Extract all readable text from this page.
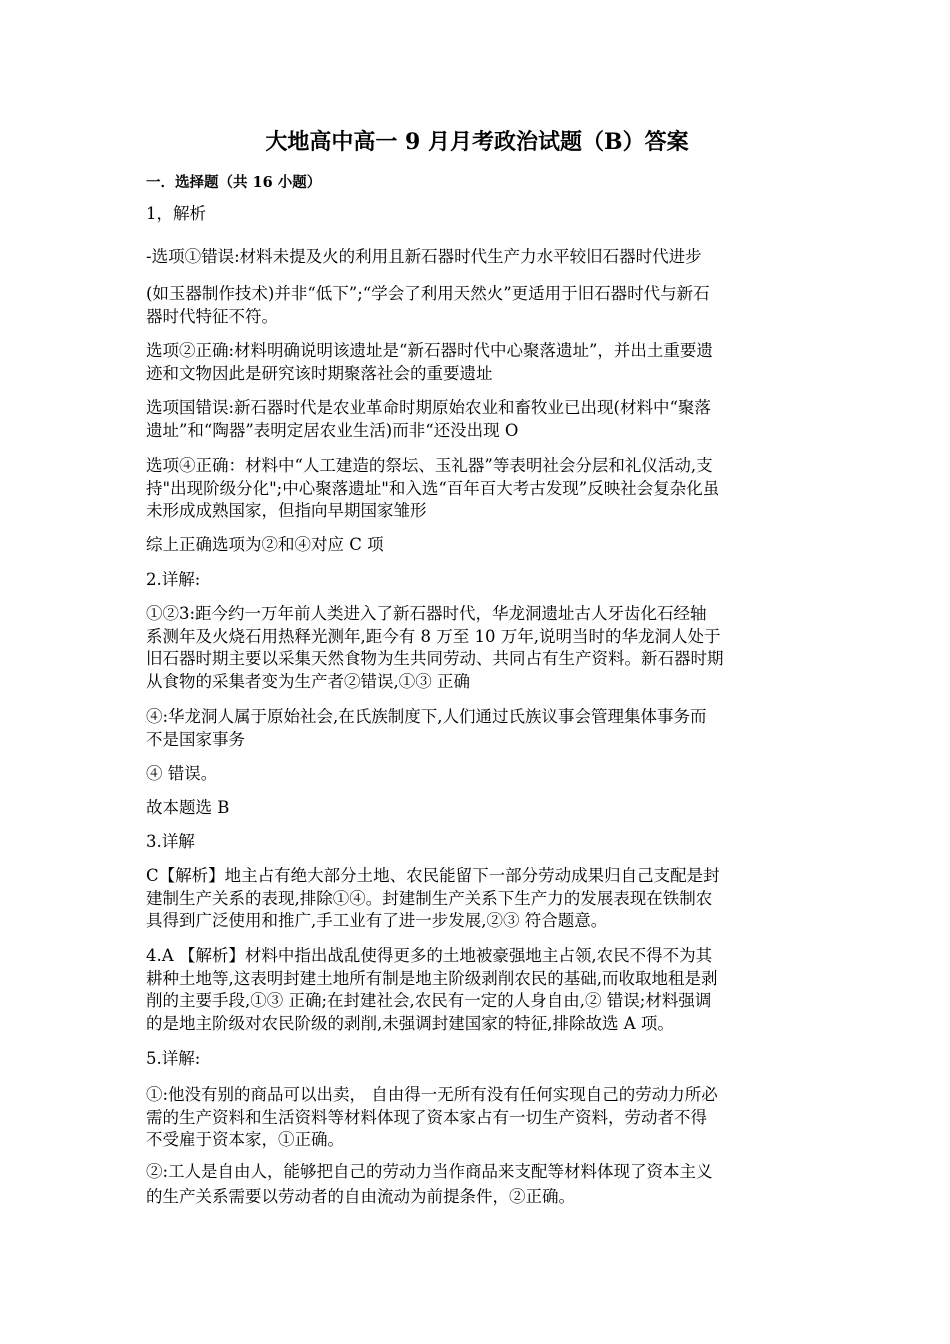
大地高中高一 9 月月考政治试题（B）答案
一．选择题（共 16 小题）
1，解析
-选项①错误:材料未提及火的利用且新石器时代生产力水平较旧石器时代进步
(如玉器制作技术)并非“低下”;“学会了利用天然火”更适用于旧石器时代与新石
器时代特征不符。
选项②正确:材料明确说明该遗址是“新石器时代中心聚落遗址”，并出土重要遗
迹和文物因此是研究该时期聚落社会的重要遗址
选项国错误:新石器时代是农业革命时期原始农业和畜牧业已出现(材料中“聚落
遗址”和“陶器”表明定居农业生活)而非“还没出现 O
选项④正确：材料中“人工建造的祭坛、玉礼器”等表明社会分层和礼仪活动,支
持"出现阶级分化";中心聚落遗址"和入选“百年百大考古发现”反映社会复杂化虽
未形成成熟国家，但指向早期国家雏形
综上正确选项为②和④对应 C 项
2.详解:
①②3:距今约一万年前人类进入了新石器时代，华龙洞遗址古人牙齿化石经轴
系测年及火烧石用热释光测年,距今有 8 万至 10 万年,说明当时的华龙洞人处于
旧石器时期主要以采集天然食物为生共同劳动、共同占有生产资料。新石器时期
从食物的采集者变为生产者②错误,①③ 正确
④:华龙洞人属于原始社会,在氏族制度下,人们通过氏族议事会管理集体事务而
不是国家事务
④ 错误。
故本题选 B
3.详解
C【解析】地主占有绝大部分土地、农民能留下一部分劳动成果归自己支配是封
建制生产关系的表现,排除①④。封建制生产关系下生产力的发展表现在铁制农
具得到广泛使用和推广,手工业有了进一步发展,②③ 符合题意。
4.A 【解析】材料中指出战乱使得更多的土地被豪强地主占领,农民不得不为其
耕种土地等,这表明封建土地所有制是地主阶级剥削农民的基础,而收取地租是剥
削的主要手段,①③ 正确;在封建社会,农民有一定的人身自由,② 错误;材料强调
的是地主阶级对农民阶级的剥削,未强调封建国家的特征,排除故选 A 项。
5.详解:
①:他没有别的商品可以出卖， 自由得一无所有没有任何实现自己的劳动力所必
需的生产资料和生活资料等材料体现了资本家占有一切生产资料，劳动者不得
不受雇于资本家，①正确。
②:工人是自由人，能够把自己的劳动力当作商品来支配等材料体现了资本主义
的生产关系需要以劳动者的自由流动为前提条件，②正确。
